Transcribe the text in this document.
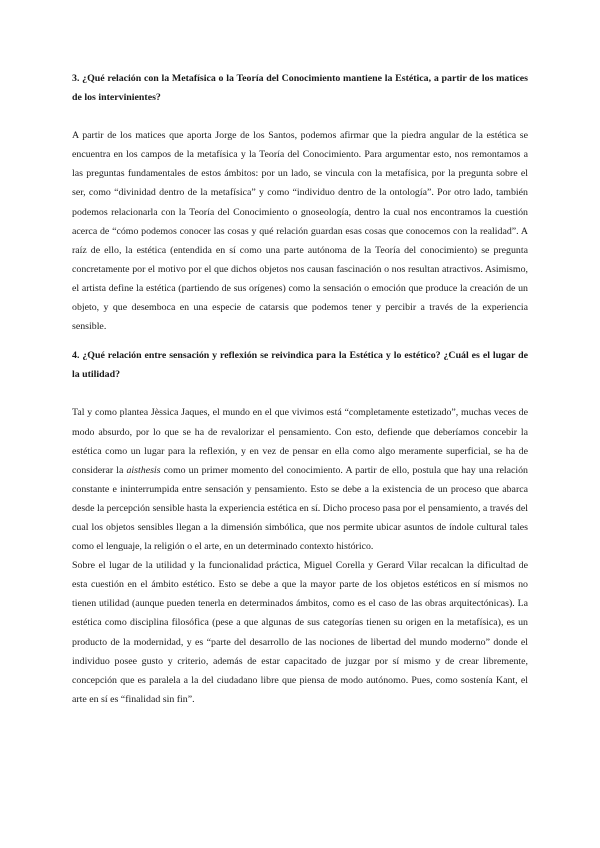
3. ¿Qué relación con la Metafísica o la Teoría del Conocimiento mantiene la Estética, a partir de los matices de los intervinientes?

A partir de los matices que aporta Jorge de los Santos, podemos afirmar que la piedra angular de la estética se encuentra en los campos de la metafísica y la Teoría del Conocimiento. Para argumentar esto, nos remontamos a las preguntas fundamentales de estos ámbitos: por un lado, se vincula con la metafísica, por la pregunta sobre el ser, como “divinidad dentro de la metafísica” y como “individuo dentro de la ontología”. Por otro lado, también podemos relacionarla con la Teoría del Conocimiento o gnoseología, dentro la cual nos encontramos la cuestión acerca de “cómo podemos conocer las cosas y qué relación guardan esas cosas que conocemos con la realidad”. A raíz de ello, la estética (entendida en sí como una parte autónoma de la Teoría del conocimiento) se pregunta concretamente por el motivo por el que dichos objetos nos causan fascinación o nos resultan atractivos. Asimismo, el artista define la estética (partiendo de sus orígenes) como la sensación o emoción que produce la creación de un objeto, y que desemboca en una especie de catarsis que podemos tener y percibir a través de la experiencia sensible.

4. ¿Qué relación entre sensación y reflexión se reivindica para la Estética y lo estético? ¿Cuál es el lugar de la utilidad?

Tal y como plantea Jèssica Jaques, el mundo en el que vivimos está “completamente estetizado”, muchas veces de modo absurdo, por lo que se ha de revalorizar el pensamiento. Con esto, defiende que deberíamos concebir la estética como un lugar para la reflexión, y en vez de pensar en ella como algo meramente superficial, se ha de considerar la aisthesis como un primer momento del conocimiento. A partir de ello, postula que hay una relación constante e ininterrumpida entre sensación y pensamiento. Esto se debe a la existencia de un proceso que abarca desde la percepción sensible hasta la experiencia estética en sí. Dicho proceso pasa por el pensamiento, a través del cual los objetos sensibles llegan a la dimensión simbólica, que nos permite ubicar asuntos de índole cultural tales como el lenguaje, la religión o el arte, en un determinado contexto histórico.

Sobre el lugar de la utilidad y la funcionalidad práctica, Miguel Corella y Gerard Vilar recalcan la dificultad de esta cuestión en el ámbito estético. Esto se debe a que la mayor parte de los objetos estéticos en sí mismos no tienen utilidad (aunque pueden tenerla en determinados ámbitos, como es el caso de las obras arquitectónicas). La estética como disciplina filosófica (pese a que algunas de sus categorías tienen su origen en la metafísica), es un producto de la modernidad, y es “parte del desarrollo de las nociones de libertad del mundo moderno” donde el individuo posee gusto y criterio, además de estar capacitado de juzgar por sí mismo y de crear libremente, concepción que es paralela a la del ciudadano libre que piensa de modo autónomo. Pues, como sostenía Kant, el arte en sí es “finalidad sin fin”.
